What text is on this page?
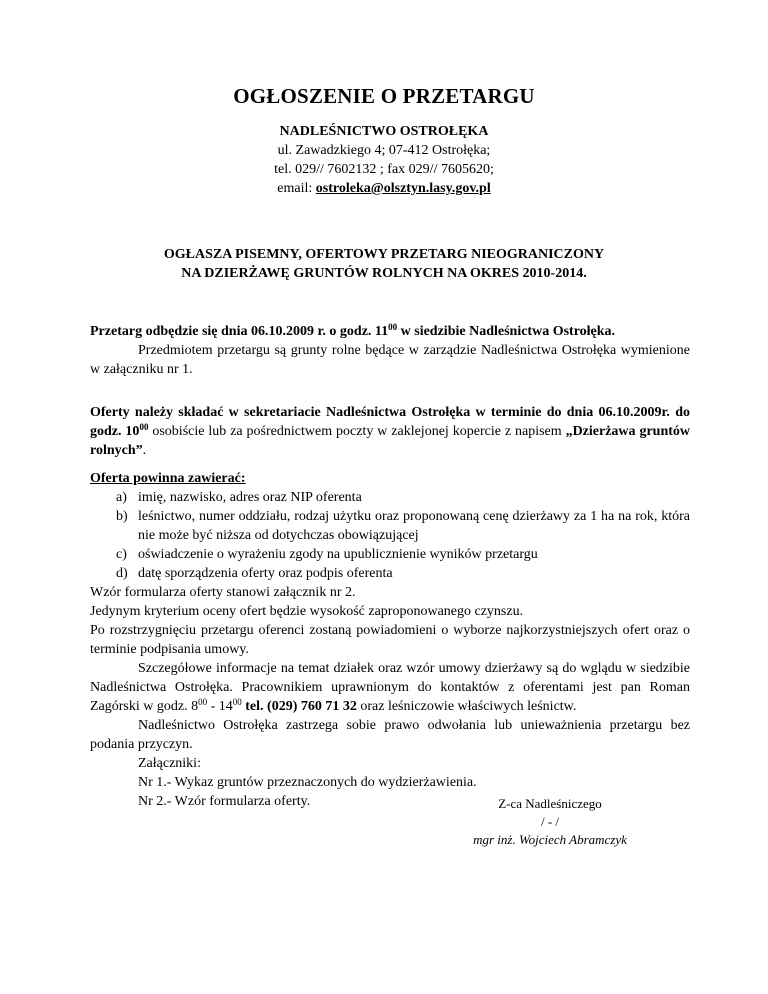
OGŁOSZENIE O PRZETARGU
NADLEŚNICTWO OSTROŁĘKA
ul. Zawadzkiego 4; 07-412 Ostrołęka;
tel. 029// 7602132 ; fax 029// 7605620;
email: ostroleka@olsztyn.lasy.gov.pl
OGŁASZA PISEMNY, OFERTOWY PRZETARG NIEOGRANICZONY
NA DZIERŻAWĘ GRUNTÓW ROLNYCH NA OKRES 2010-2014.
Przetarg odbędzie się dnia 06.10.2009 r. o godz. $11^{00}$ w siedzibie Nadleśnictwa Ostrołęka.
Przedmiotem przetargu są grunty rolne będące w zarządzie Nadleśnictwa Ostrołęka wymienione w załączniku nr 1.
Oferty należy składać w sekretariacie Nadleśnictwa Ostrołęka w terminie do dnia 06.10.2009r. do godz. $10^{00}$ osobiście lub za pośrednictwem poczty w zaklejonej kopercie z napisem „Dzierżawa gruntów rolnych”.
Oferta powinna zawierać:
a) imię, nazwisko, adres oraz NIP oferenta
b) leśnictwo, numer oddziału, rodzaj użytku oraz proponowaną cenę dzierżawy za 1 ha na rok, która nie może być niższa od dotychczas obowiązującej
c) oświadczenie o wyrażeniu zgody na upublicznienie wyników przetargu
d) datę sporządzenia oferty oraz podpis oferenta
Wzór formularza oferty stanowi załącznik nr 2.
Jedynym kryterium oceny ofert będzie wysokość zaproponowanego czynszu.
Po rozstrzygnięciu przetargu oferenci zostaną powiadomieni o wyborze najkorzystniejszych ofert oraz o terminie podpisania umowy.
Szczegółowe informacje na temat działek oraz wzór umowy dzierżawy są do wglądu w siedzibie Nadleśnictwa Ostrołęka. Pracownikiem uprawnionym do kontaktów z oferentami jest pan Roman Zagórski w godz. $8^{00} - 14^{00}$ tel. (029) 760 71 32 oraz leśniczowie właściwych leśnictw.
Nadleśnictwo Ostrołęka zastrzega sobie prawo odwołania lub unieważnienia przetargu bez podania przyczyn.
Załączniki:
Nr 1.- Wykaz gruntów przeznaczonych do wydzierżawienia.
Nr 2.- Wzór formularza oferty.	Z-ca Nadleśniczego
/ - /
mgr inż. Wojciech Abramczyk
